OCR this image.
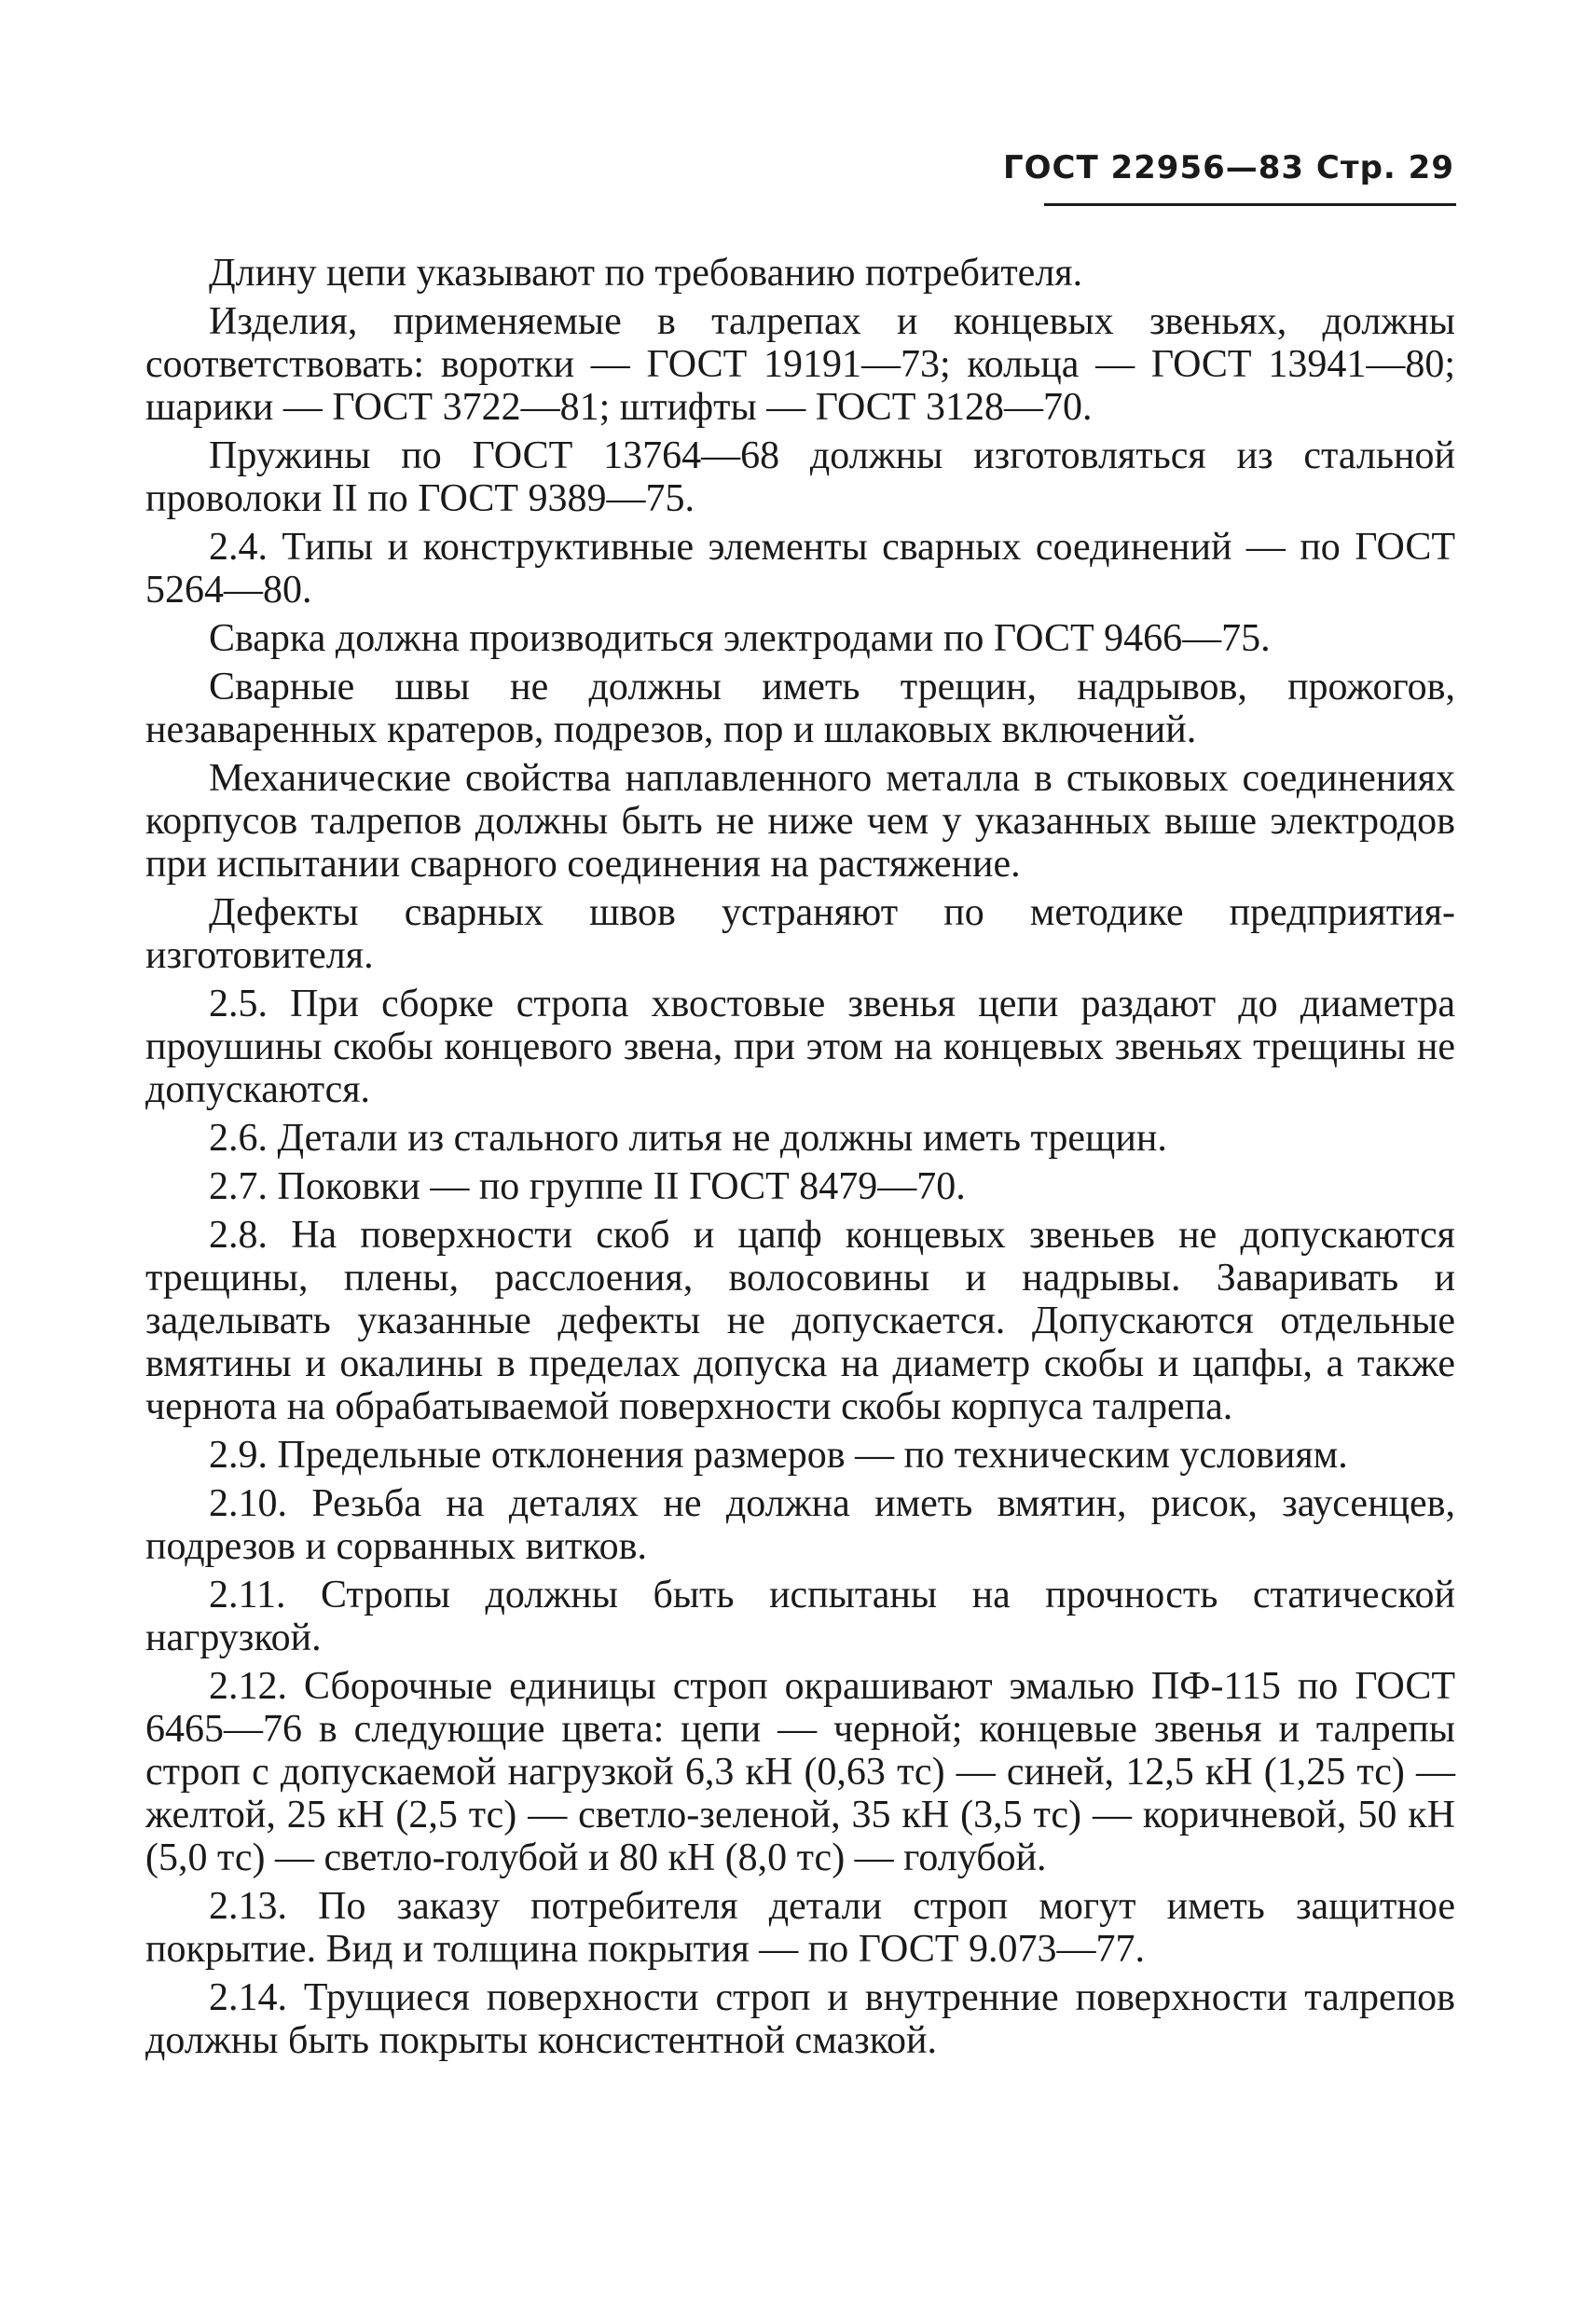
ГОСТ 22956—83 Стр. 29

Длину цепи указывают по требованию потребителя.

Изделия, применяемые в талрепах и концевых звеньях, должны соответствовать: воротки — ГОСТ 19191—73; кольца — ГОСТ 13941—80; шарики — ГОСТ 3722—81; штифты — ГОСТ 3128—70.

Пружины по ГОСТ 13764—68 должны изготовляться из стальной проволоки II по ГОСТ 9389—75.

2.4. Типы и конструктивные элементы сварных соединений — по ГОСТ 5264—80.

Сварка должна производиться электродами по ГОСТ 9466—75.

Сварные швы не должны иметь трещин, надрывов, прожогов, незаваренных кратеров, подрезов, пор и шлаковых включений.

Механические свойства наплавленного металла в стыковых соединениях корпусов талрепов должны быть не ниже чем у указанных выше электродов при испытании сварного соединения на растяжение.

Дефекты сварных швов устраняют по методике предприятия-изготовителя.

2.5. При сборке стропа хвостовые звенья цепи раздают до диаметра проушины скобы концевого звена, при этом на концевых звеньях трещины не допускаются.

2.6. Детали из стального литья не должны иметь трещин.

2.7. Поковки — по группе II ГОСТ 8479—70.

2.8. На поверхности скоб и цапф концевых звеньев не допускаются трещины, плены, расслоения, волосовины и надрывы. Заваривать и заделывать указанные дефекты не допускается. Допускаются отдельные вмятины и окалины в пределах допуска на диаметр скобы и цапфы, а также чернота на обрабатываемой поверхности скобы корпуса талрепа.

2.9. Предельные отклонения размеров — по техническим условиям.

2.10. Резьба на деталях не должна иметь вмятин, рисок, заусенцев, подрезов и сорванных витков.

2.11. Стропы должны быть испытаны на прочность статической нагрузкой.

2.12. Сборочные единицы строп окрашивают эмалью ПФ-115 по ГОСТ 6465—76 в следующие цвета: цепи — черной; концевые звенья и талрепы строп с допускаемой нагрузкой 6,3 кН (0,63 тс) — синей, 12,5 кН (1,25 тс) — желтой, 25 кН (2,5 тс) — светло-зеленой, 35 кН (3,5 тс) — коричневой, 50 кН (5,0 тс) — светло-голубой и 80 кН (8,0 тс) — голубой.

2.13. По заказу потребителя детали строп могут иметь защитное покрытие. Вид и толщина покрытия — по ГОСТ 9.073—77.

2.14. Трущиеся поверхности строп и внутренние поверхности талрепов должны быть покрыты консистентной смазкой.
